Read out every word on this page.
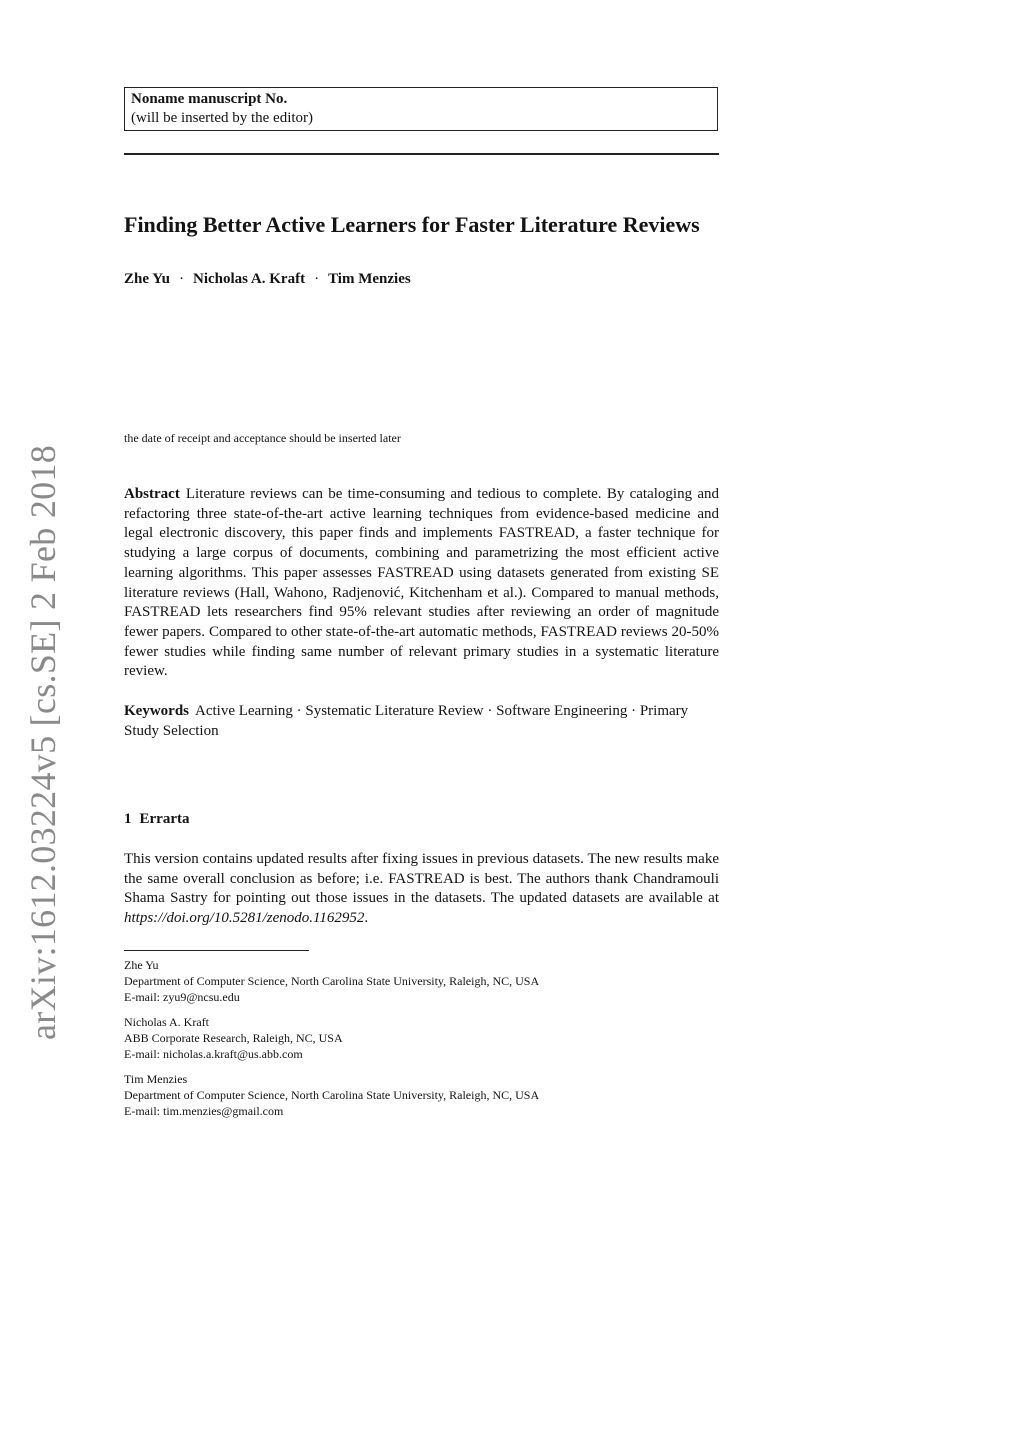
Noname manuscript No.
(will be inserted by the editor)
Finding Better Active Learners for Faster Literature Reviews
Zhe Yu · Nicholas A. Kraft · Tim Menzies
the date of receipt and acceptance should be inserted later

Abstract Literature reviews can be time-consuming and tedious to complete. By cataloging and refactoring three state-of-the-art active learning techniques from evidence-based medicine and legal electronic discovery, this paper finds and implements FASTREAD, a faster technique for studying a large corpus of documents, combining and parametrizing the most efficient active learning algorithms. This paper assesses FASTREAD using datasets generated from existing SE literature reviews (Hall, Wahono, Radjenović, Kitchenham et al.). Compared to manual methods, FASTREAD lets researchers find 95% relevant studies after reviewing an order of magnitude fewer papers. Compared to other state-of-the-art automatic methods, FASTREAD reviews 20-50% fewer studies while finding same number of relevant primary studies in a systematic literature review.

Keywords Active Learning · Systematic Literature Review · Software Engineering · Primary Study Selection

1 Errarta

This version contains updated results after fixing issues in previous datasets. The new results make the same overall conclusion as before; i.e. FASTREAD is best. The authors thank Chandramouli Shama Sastry for pointing out those issues in the datasets. The updated datasets are available at https://doi.org/10.5281/zenodo.1162952.

Zhe Yu
Department of Computer Science, North Carolina State University, Raleigh, NC, USA
E-mail: zyu9@ncsu.edu
Nicholas A. Kraft
ABB Corporate Research, Raleigh, NC, USA
E-mail: nicholas.a.kraft@us.abb.com
Tim Menzies
Department of Computer Science, North Carolina State University, Raleigh, NC, USA
E-mail: tim.menzies@gmail.com
arXiv:1612.03224v5 [cs.SE] 2 Feb 2018
